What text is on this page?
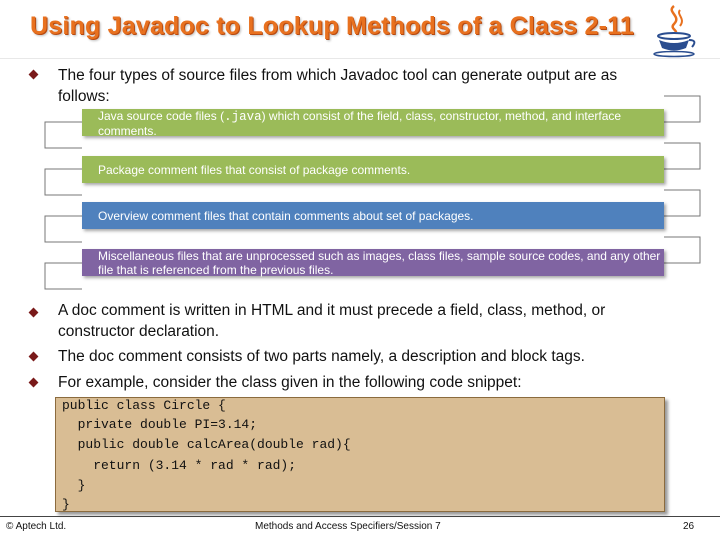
Using Javadoc to Lookup Methods of a Class 2-11
The four types of source files from which Javadoc tool can generate output are as follows:
Java source code files (.java) which consist of the field, class, constructor, method, and interface comments.
Package comment files that consist of package comments.
Overview comment files that contain comments about set of packages.
Miscellaneous files that are unprocessed such as images, class files, sample source codes, and any other file that is referenced from the previous files.
A doc comment is written in HTML and it must precede a field, class, method, or constructor declaration.
The doc comment consists of two parts namely, a description and block tags.
For example, consider the class given in the following code snippet:
public class Circle {
private double PI=3.14;
public double calcArea(double rad){
return (3.14 * rad * rad);
}
}
© Aptech Ltd.	Methods and Access Specifiers/Session 7	26
